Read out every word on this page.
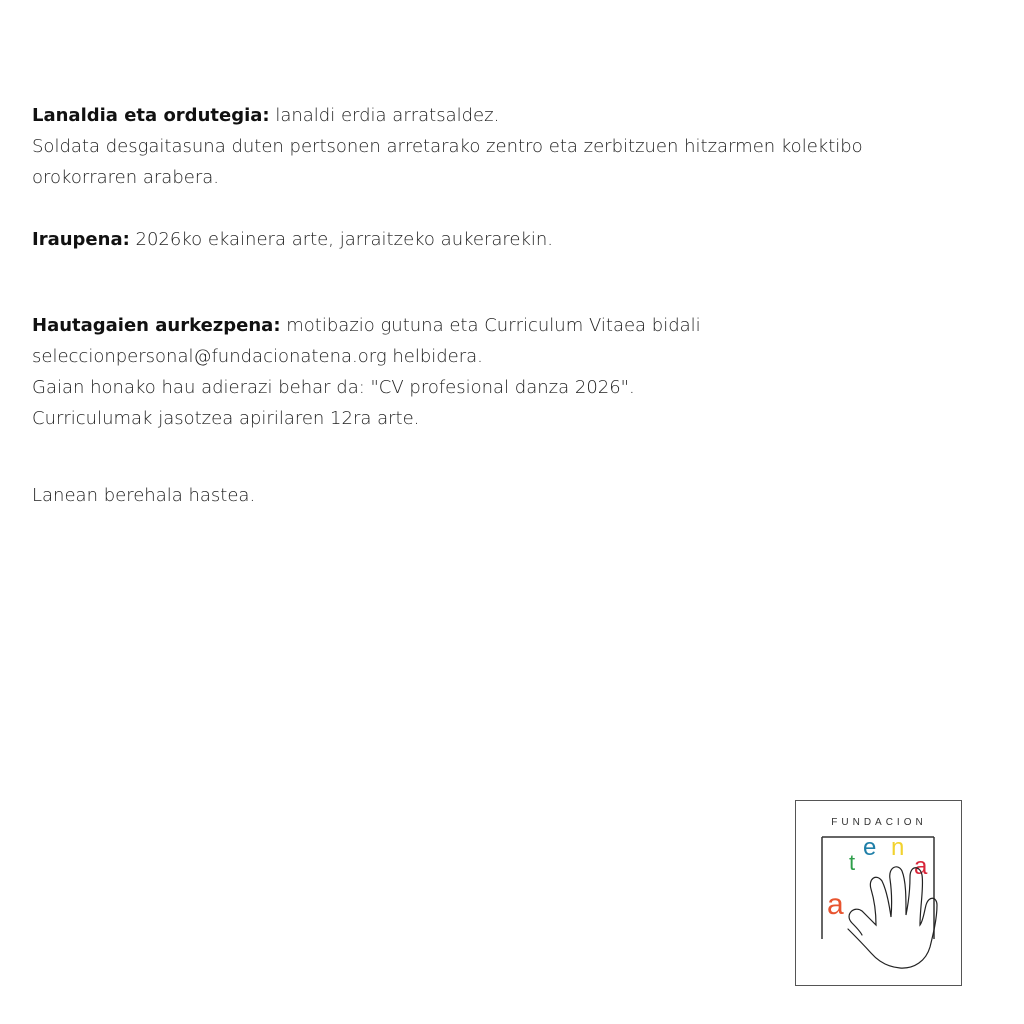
Lanaldia eta ordutegia: lanaldi erdia arratsaldez.

Soldata desgaitasuna duten pertsonen arretarako zentro eta zerbitzuen hitzarmen kolektibo orokorraren arabera.

Iraupena: 2026ko ekainera arte, jarraitzeko aukerarekin.

Hautagaien aurkezpena: motibazio gutuna eta Curriculum Vitaea bidali

seleccionpersonal@fundacionatena.org helbidera.

Gaian honako hau adierazi behar da: "CV profesional danza 2026".

Curriculumak jasotzea apirilaren 12ra arte.

Lanean berehala hastea.

FUNDACION
t
e n
a
a
